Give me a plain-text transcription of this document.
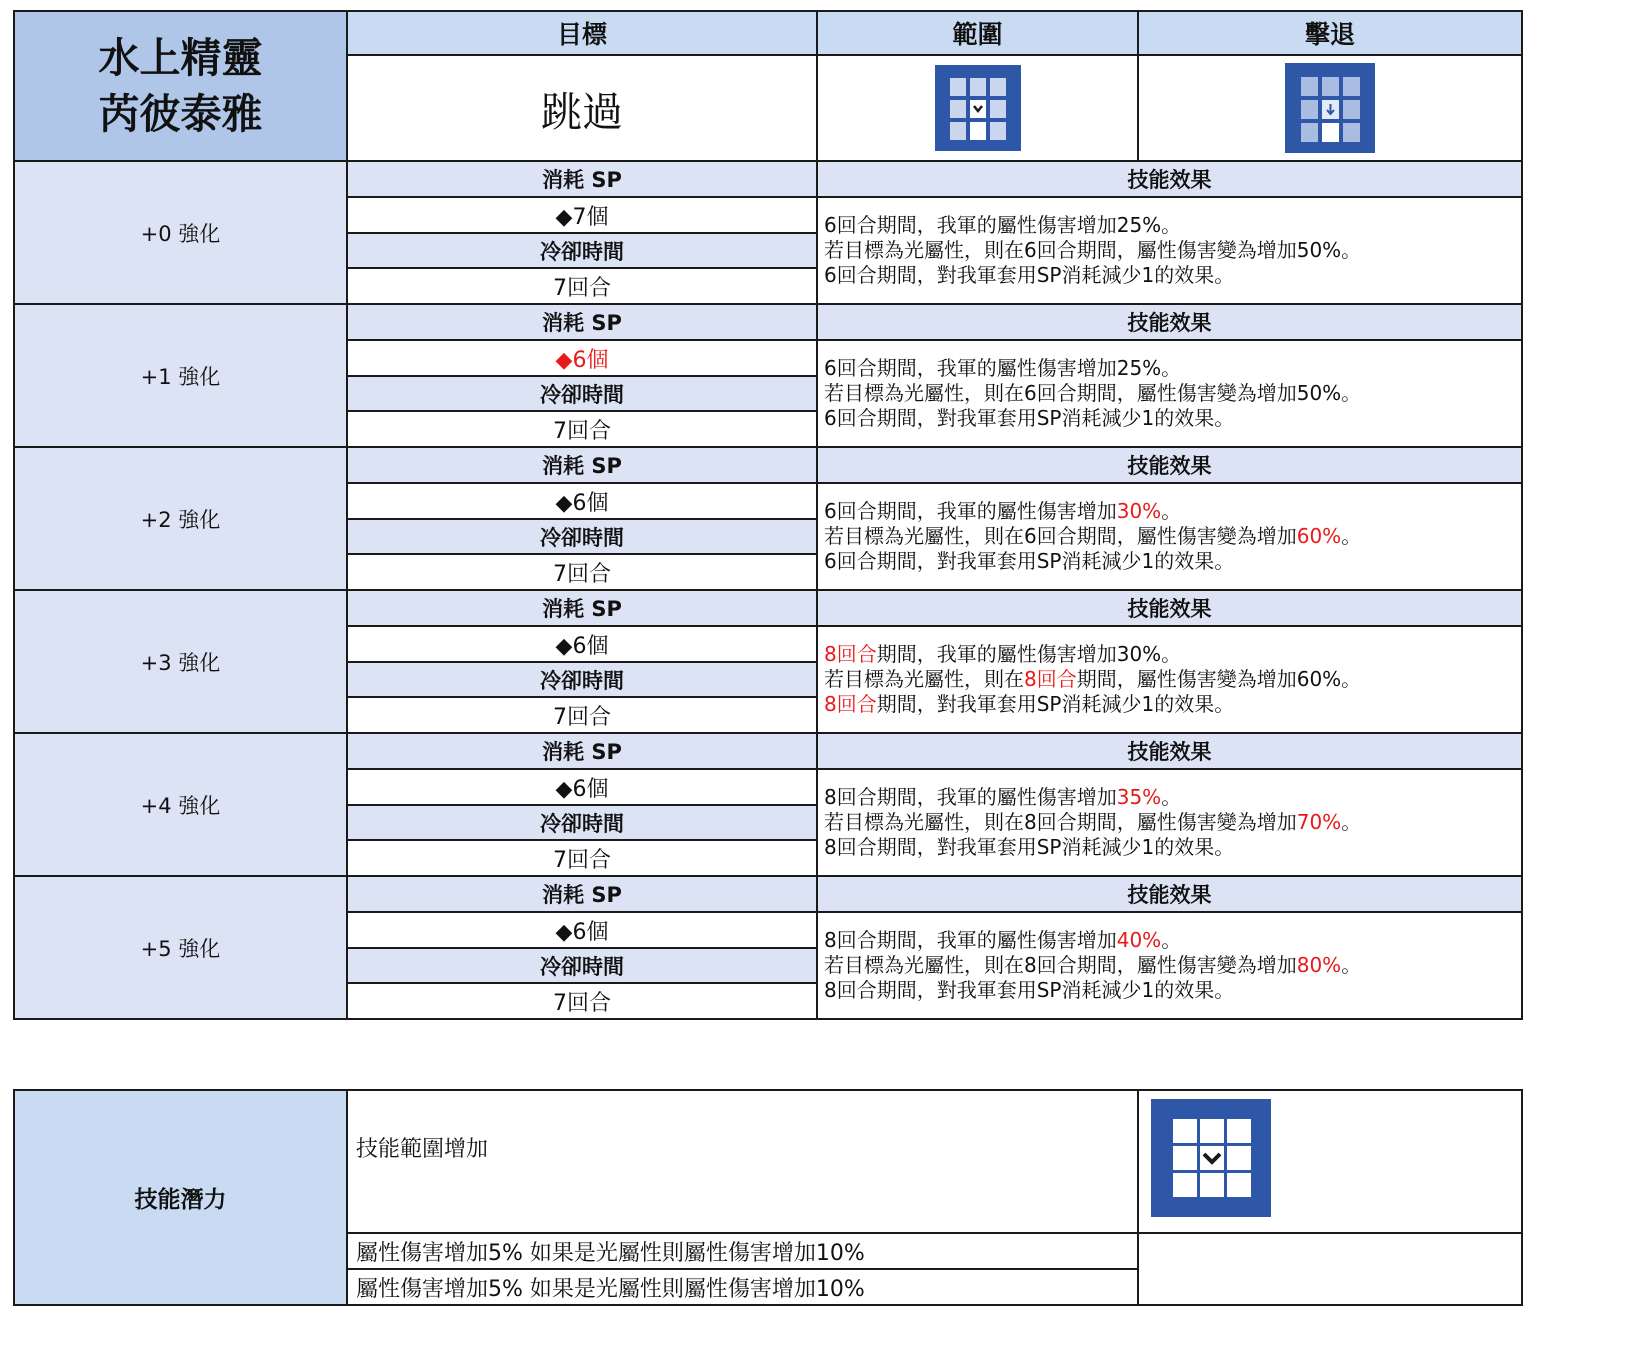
水上精靈
芮彼泰雅	目標	範圍	擊退
	跳過		
+0 強化	消耗 SP	技能效果	
	◆7個	6回合期間，我軍的屬性傷害增加25%。
若目標為光屬性，則在6回合期間，屬性傷害變為增加50%。
6回合期間，對我軍套用SP消耗減少1的效果。	

	冷卻時間		
	7回合		
+1 強化	消耗 SP	技能效果	
	◆6個	6回合期間，我軍的屬性傷害增加25%。
若目標為光屬性，則在6回合期間，屬性傷害變為增加50%。
6回合期間，對我軍套用SP消耗減少1的效果。	

	冷卻時間		
	7回合		
+2 強化	消耗 SP	技能效果	
	◆6個	6回合期間，我軍的屬性傷害增加30%。
若目標為光屬性，則在6回合期間，屬性傷害變為增加60%。
6回合期間，對我軍套用SP消耗減少1的效果。	

	冷卻時間		
	7回合		
+3 強化	消耗 SP	技能效果	
	◆6個	8回合期間，我軍的屬性傷害增加30%。
若目標為光屬性，則在8回合期間，屬性傷害變為增加60%。
8回合期間，對我軍套用SP消耗減少1的效果。	

	冷卻時間		
	7回合		
+4 強化	消耗 SP	技能效果	
	◆6個	8回合期間，我軍的屬性傷害增加35%。
若目標為光屬性，則在8回合期間，屬性傷害變為增加70%。
8回合期間，對我軍套用SP消耗減少1的效果。	

	冷卻時間		
	7回合		
+5 強化	消耗 SP	技能效果	
	◆6個	8回合期間，我軍的屬性傷害增加40%。
若目標為光屬性，則在8回合期間，屬性傷害變為增加80%。
8回合期間，對我軍套用SP消耗減少1的效果。	

	冷卻時間		
	7回合		
技能潛力	技能範圍增加	
	屬性傷害增加5% 如果是光屬性則屬性傷害增加10%	
	屬性傷害增加5% 如果是光屬性則屬性傷害增加10%	
